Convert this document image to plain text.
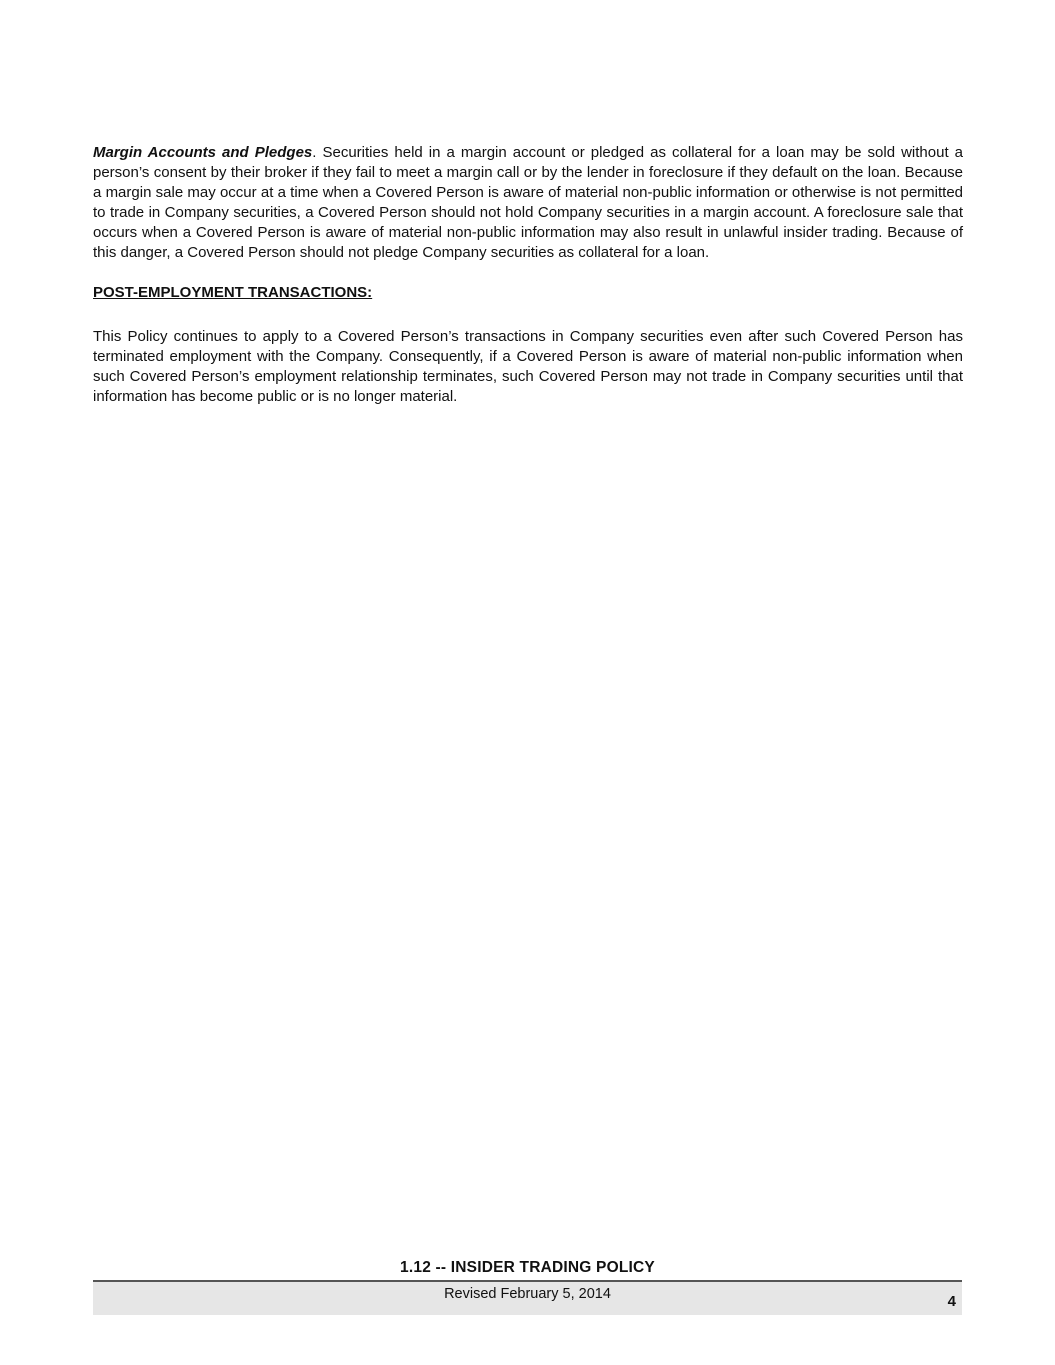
Margin Accounts and Pledges. Securities held in a margin account or pledged as collateral for a loan may be sold without a person’s consent by their broker if they fail to meet a margin call or by the lender in foreclosure if they default on the loan. Because a margin sale may occur at a time when a Covered Person is aware of material non-public information or otherwise is not permitted to trade in Company securities, a Covered Person should not hold Company securities in a margin account. A foreclosure sale that occurs when a Covered Person is aware of material non-public information may also result in unlawful insider trading. Because of this danger, a Covered Person should not pledge Company securities as collateral for a loan.

POST-EMPLOYMENT TRANSACTIONS:

This Policy continues to apply to a Covered Person’s transactions in Company securities even after such Covered Person has terminated employment with the Company. Consequently, if a Covered Person is aware of material non-public information when such Covered Person’s employment relationship terminates, such Covered Person may not trade in Company securities until that information has become public or is no longer material.

1.12 -- INSIDER TRADING POLICY
Revised February 5, 2014	4
